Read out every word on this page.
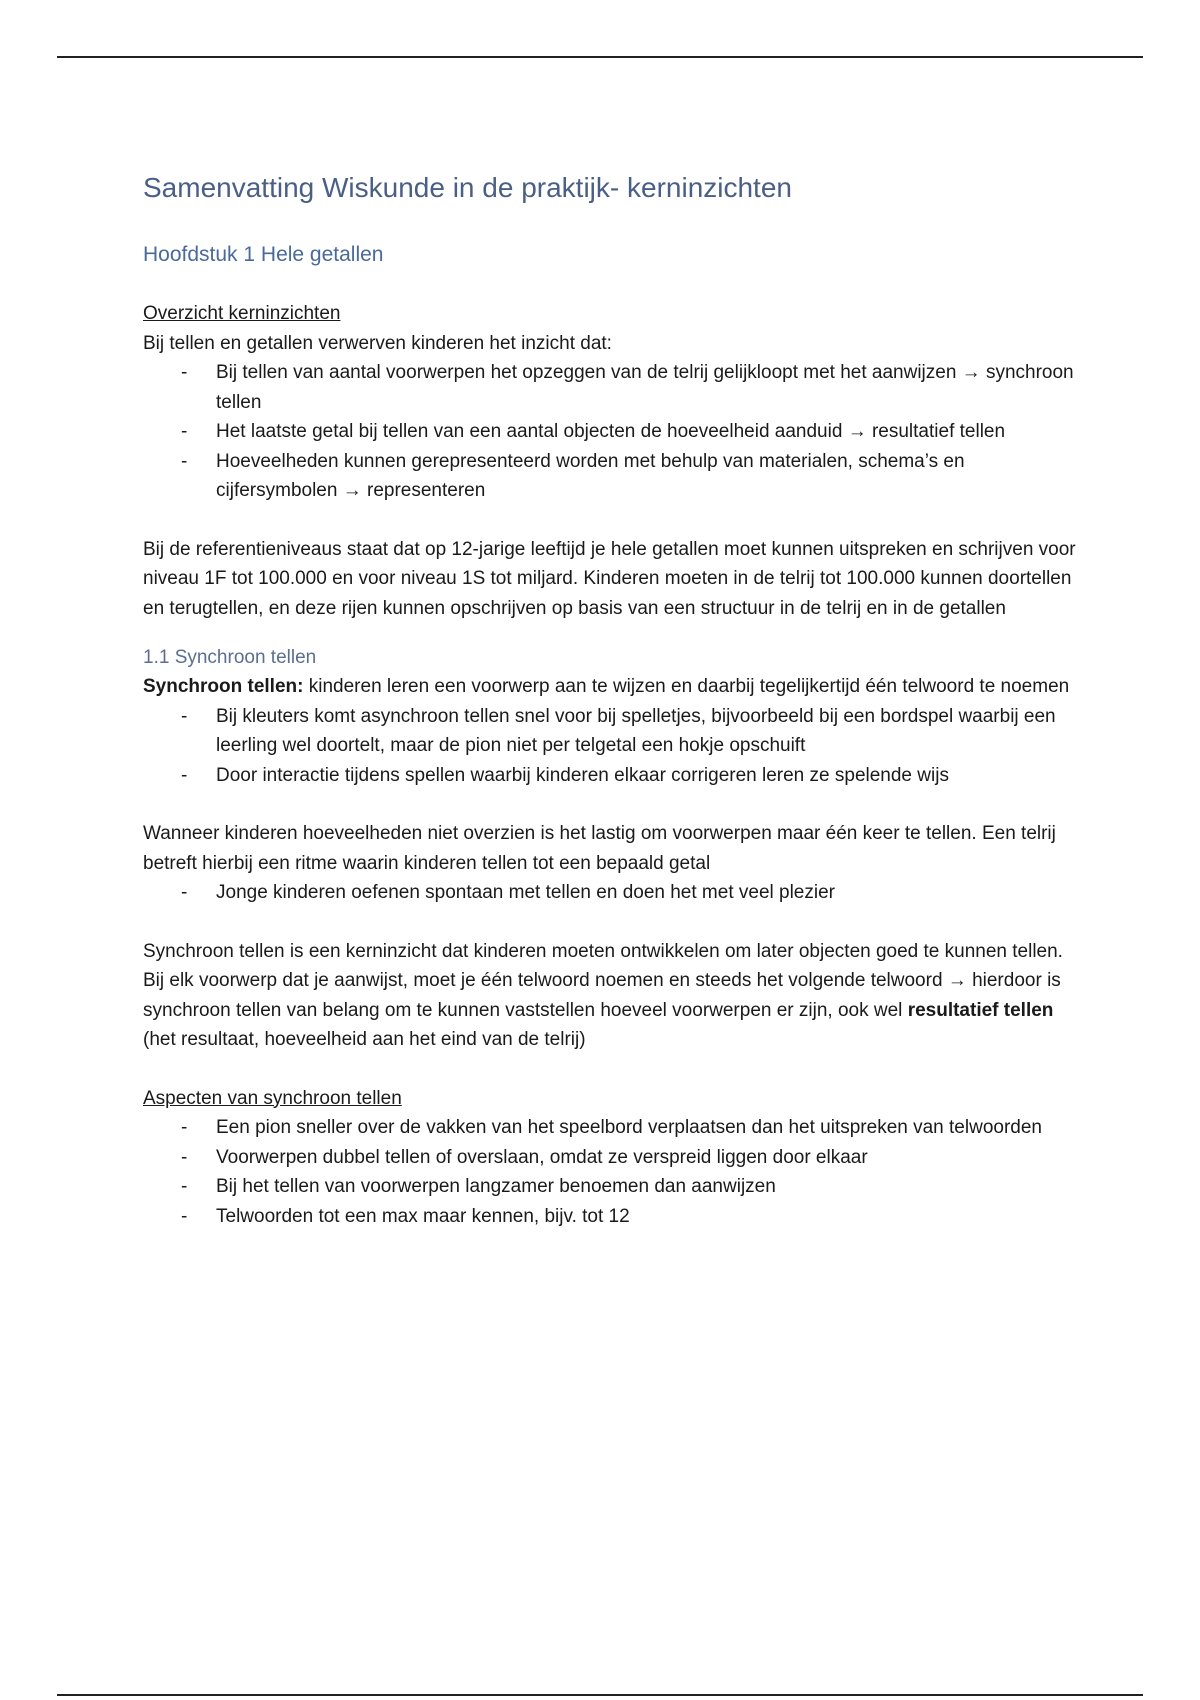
Samenvatting Wiskunde in de praktijk- kerninzichten
Hoofdstuk 1 Hele getallen

Overzicht kerninzichten

Bij tellen en getallen verwerven kinderen het inzicht dat:

- Bij tellen van aantal voorwerpen het opzeggen van de telrij gelijkloopt met het aanwijzen → synchroon tellen
- Het laatste getal bij tellen van een aantal objecten de hoeveelheid aanduid → resultatief tellen
- Hoeveelheden kunnen gerepresenteerd worden met behulp van materialen, schema’s en cijfersymbolen → representeren

Bij de referentieniveaus staat dat op 12-jarige leeftijd je hele getallen moet kunnen uitspreken en schrijven voor niveau 1F tot 100.000 en voor niveau 1S tot miljard. Kinderen moeten in de telrij tot 100.000 kunnen doortellen en terugtellen, en deze rijen kunnen opschrijven op basis van een structuur in de telrij en in de getallen

1.1 Synchroon tellen

Synchroon tellen: kinderen leren een voorwerp aan te wijzen en daarbij tegelijkertijd één telwoord te noemen

- Bij kleuters komt asynchroon tellen snel voor bij spelletjes, bijvoorbeeld bij een bordspel waarbij een leerling wel doortelt, maar de pion niet per telgetal een hokje opschuift
- Door interactie tijdens spellen waarbij kinderen elkaar corrigeren leren ze spelende wijs

Wanneer kinderen hoeveelheden niet overzien is het lastig om voorwerpen maar één keer te tellen. Een telrij betreft hierbij een ritme waarin kinderen tellen tot een bepaald getal

- Jonge kinderen oefenen spontaan met tellen en doen het met veel plezier

Synchroon tellen is een kerninzicht dat kinderen moeten ontwikkelen om later objecten goed te kunnen tellen. Bij elk voorwerp dat je aanwijst, moet je één telwoord noemen en steeds het volgende telwoord → hierdoor is synchroon tellen van belang om te kunnen vaststellen hoeveel voorwerpen er zijn, ook wel resultatief tellen (het resultaat, hoeveelheid aan het eind van de telrij)

Aspecten van synchroon tellen

- Een pion sneller over de vakken van het speelbord verplaatsen dan het uitspreken van telwoorden
- Voorwerpen dubbel tellen of overslaan, omdat ze verspreid liggen door elkaar
- Bij het tellen van voorwerpen langzamer benoemen dan aanwijzen
- Telwoorden tot een max maar kennen, bijv. tot 12
